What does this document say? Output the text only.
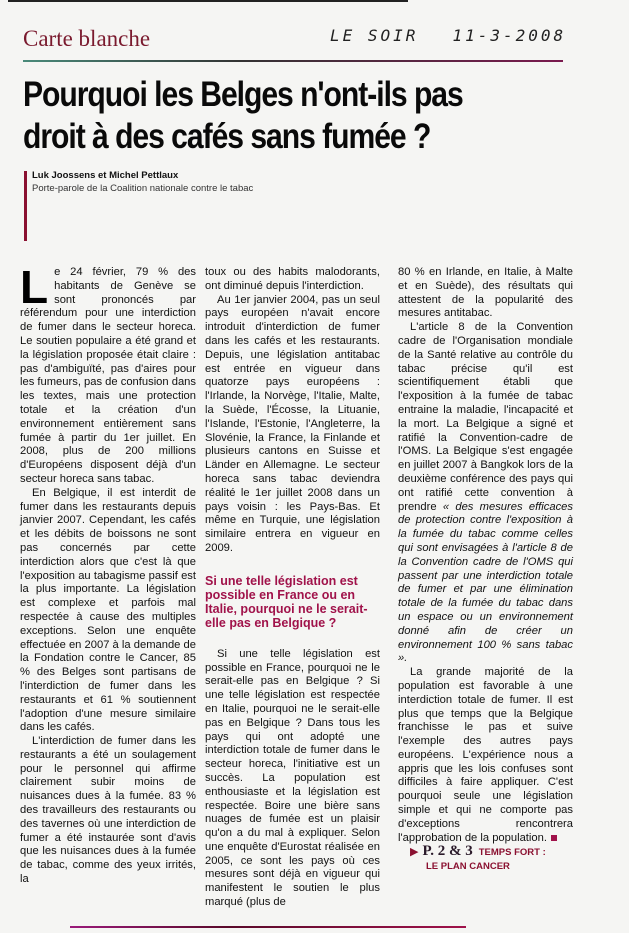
Carte blanche	LE SOIR 11-3-2008
Pourquoi les Belges n'ont-ils pas
droit à des cafés sans fumée ?
Luk Joossens et Michel Pettlaux
Porte-parole de la Coalition nationale contre le tabac

Le 24 février, 79 % des habitants de Genève se sont prononcés par référendum pour une interdiction de fumer dans le secteur horeca. Le soutien populaire a été grand et la législation proposée était claire : pas d'ambiguïté, pas d'aires pour les fumeurs, pas de confusion dans les textes, mais une protection totale et la création d'un environnement entièrement sans fumée à partir du 1er juillet. En 2008, plus de 200 millions d'Européens disposent déjà d'un secteur horeca sans tabac.

En Belgique, il est interdit de fumer dans les restaurants depuis janvier 2007. Cependant, les cafés et les débits de boissons ne sont pas concernés par cette interdiction alors que c'est là que l'exposition au tabagisme passif est la plus importante. La législation est complexe et parfois mal respectée à cause des multiples exceptions. Selon une enquête effectuée en 2007 à la demande de la Fondation contre le Cancer, 85 % des Belges sont partisans de l'interdiction de fumer dans les restaurants et 61 % soutiennent l'adoption d'une mesure similaire dans les cafés.

L'interdiction de fumer dans les restaurants a été un soulagement pour le personnel qui affirme clairement subir moins de nuisances dues à la fumée. 83 % des travailleurs des restaurants ou des tavernes où une interdiction de fumer a été instaurée sont d'avis que les nuisances dues à la fumée de tabac, comme des yeux irrités, la

toux ou des habits malodorants, ont diminué depuis l'interdiction.

Au 1er janvier 2004, pas un seul pays européen n'avait encore introduit d'interdiction de fumer dans les cafés et les restaurants. Depuis, une législation antitabac est entrée en vigueur dans quatorze pays européens : l'Irlande, la Norvège, l'Italie, Malte, la Suède, l'Écosse, la Lituanie, l'Islande, l'Estonie, l'Angleterre, la Slovénie, la France, la Finlande et plusieurs cantons en Suisse et Länder en Allemagne. Le secteur horeca sans tabac deviendra réalité le 1er juillet 2008 dans un pays voisin : les Pays-Bas. Et même en Turquie, une législation similaire entrera en vigueur en 2009.

Si une telle législation est possible en France ou en Italie, pourquoi ne le serait-elle pas en Belgique ?

Si une telle législation est possible en France, pourquoi ne le serait-elle pas en Belgique ? Si une telle législation est respectée en Italie, pourquoi ne le serait-elle pas en Belgique ? Dans tous les pays qui ont adopté une interdiction totale de fumer dans le secteur horeca, l'initiative est un succès. La population est enthousiaste et la législation est respectée. Boire une bière sans nuages de fumée est un plaisir qu'on a du mal à expliquer. Selon une enquête d'Eurostat réalisée en 2005, ce sont les pays où ces mesures sont déjà en vigueur qui manifestent le soutien le plus marqué (plus de

80 % en Irlande, en Italie, à Malte et en Suède), des résultats qui attestent de la popularité des mesures antitabac.

L'article 8 de la Convention cadre de l'Organisation mondiale de la Santé relative au contrôle du tabac précise qu'il est scientifiquement établi que l'exposition à la fumée de tabac entraine la maladie, l'incapacité et la mort. La Belgique a signé et ratifié la Convention-cadre de l'OMS. La Belgique s'est engagée en juillet 2007 à Bangkok lors de la deuxième conférence des pays qui ont ratifié cette convention à prendre « des mesures efficaces de protection contre l'exposition à la fumée du tabac comme celles qui sont envisagées à l'article 8 de la Convention cadre de l'OMS qui passent par une interdiction totale de fumer et par une élimination totale de la fumée du tabac dans un espace ou un environnement donné afin de créer un environnement 100 % sans tabac ».

La grande majorité de la population est favorable à une interdiction totale de fumer. Il est plus que temps que la Belgique franchisse le pas et suive l'exemple des autres pays européens. L'expérience nous a appris que les lois confuses sont difficiles à faire appliquer. C'est pourquoi seule une législation simple et qui ne comporte pas d'exceptions rencontrera l'approbation de la population.

▶ P. 2 & 3 TEMPS FORT :
LE PLAN CANCER
